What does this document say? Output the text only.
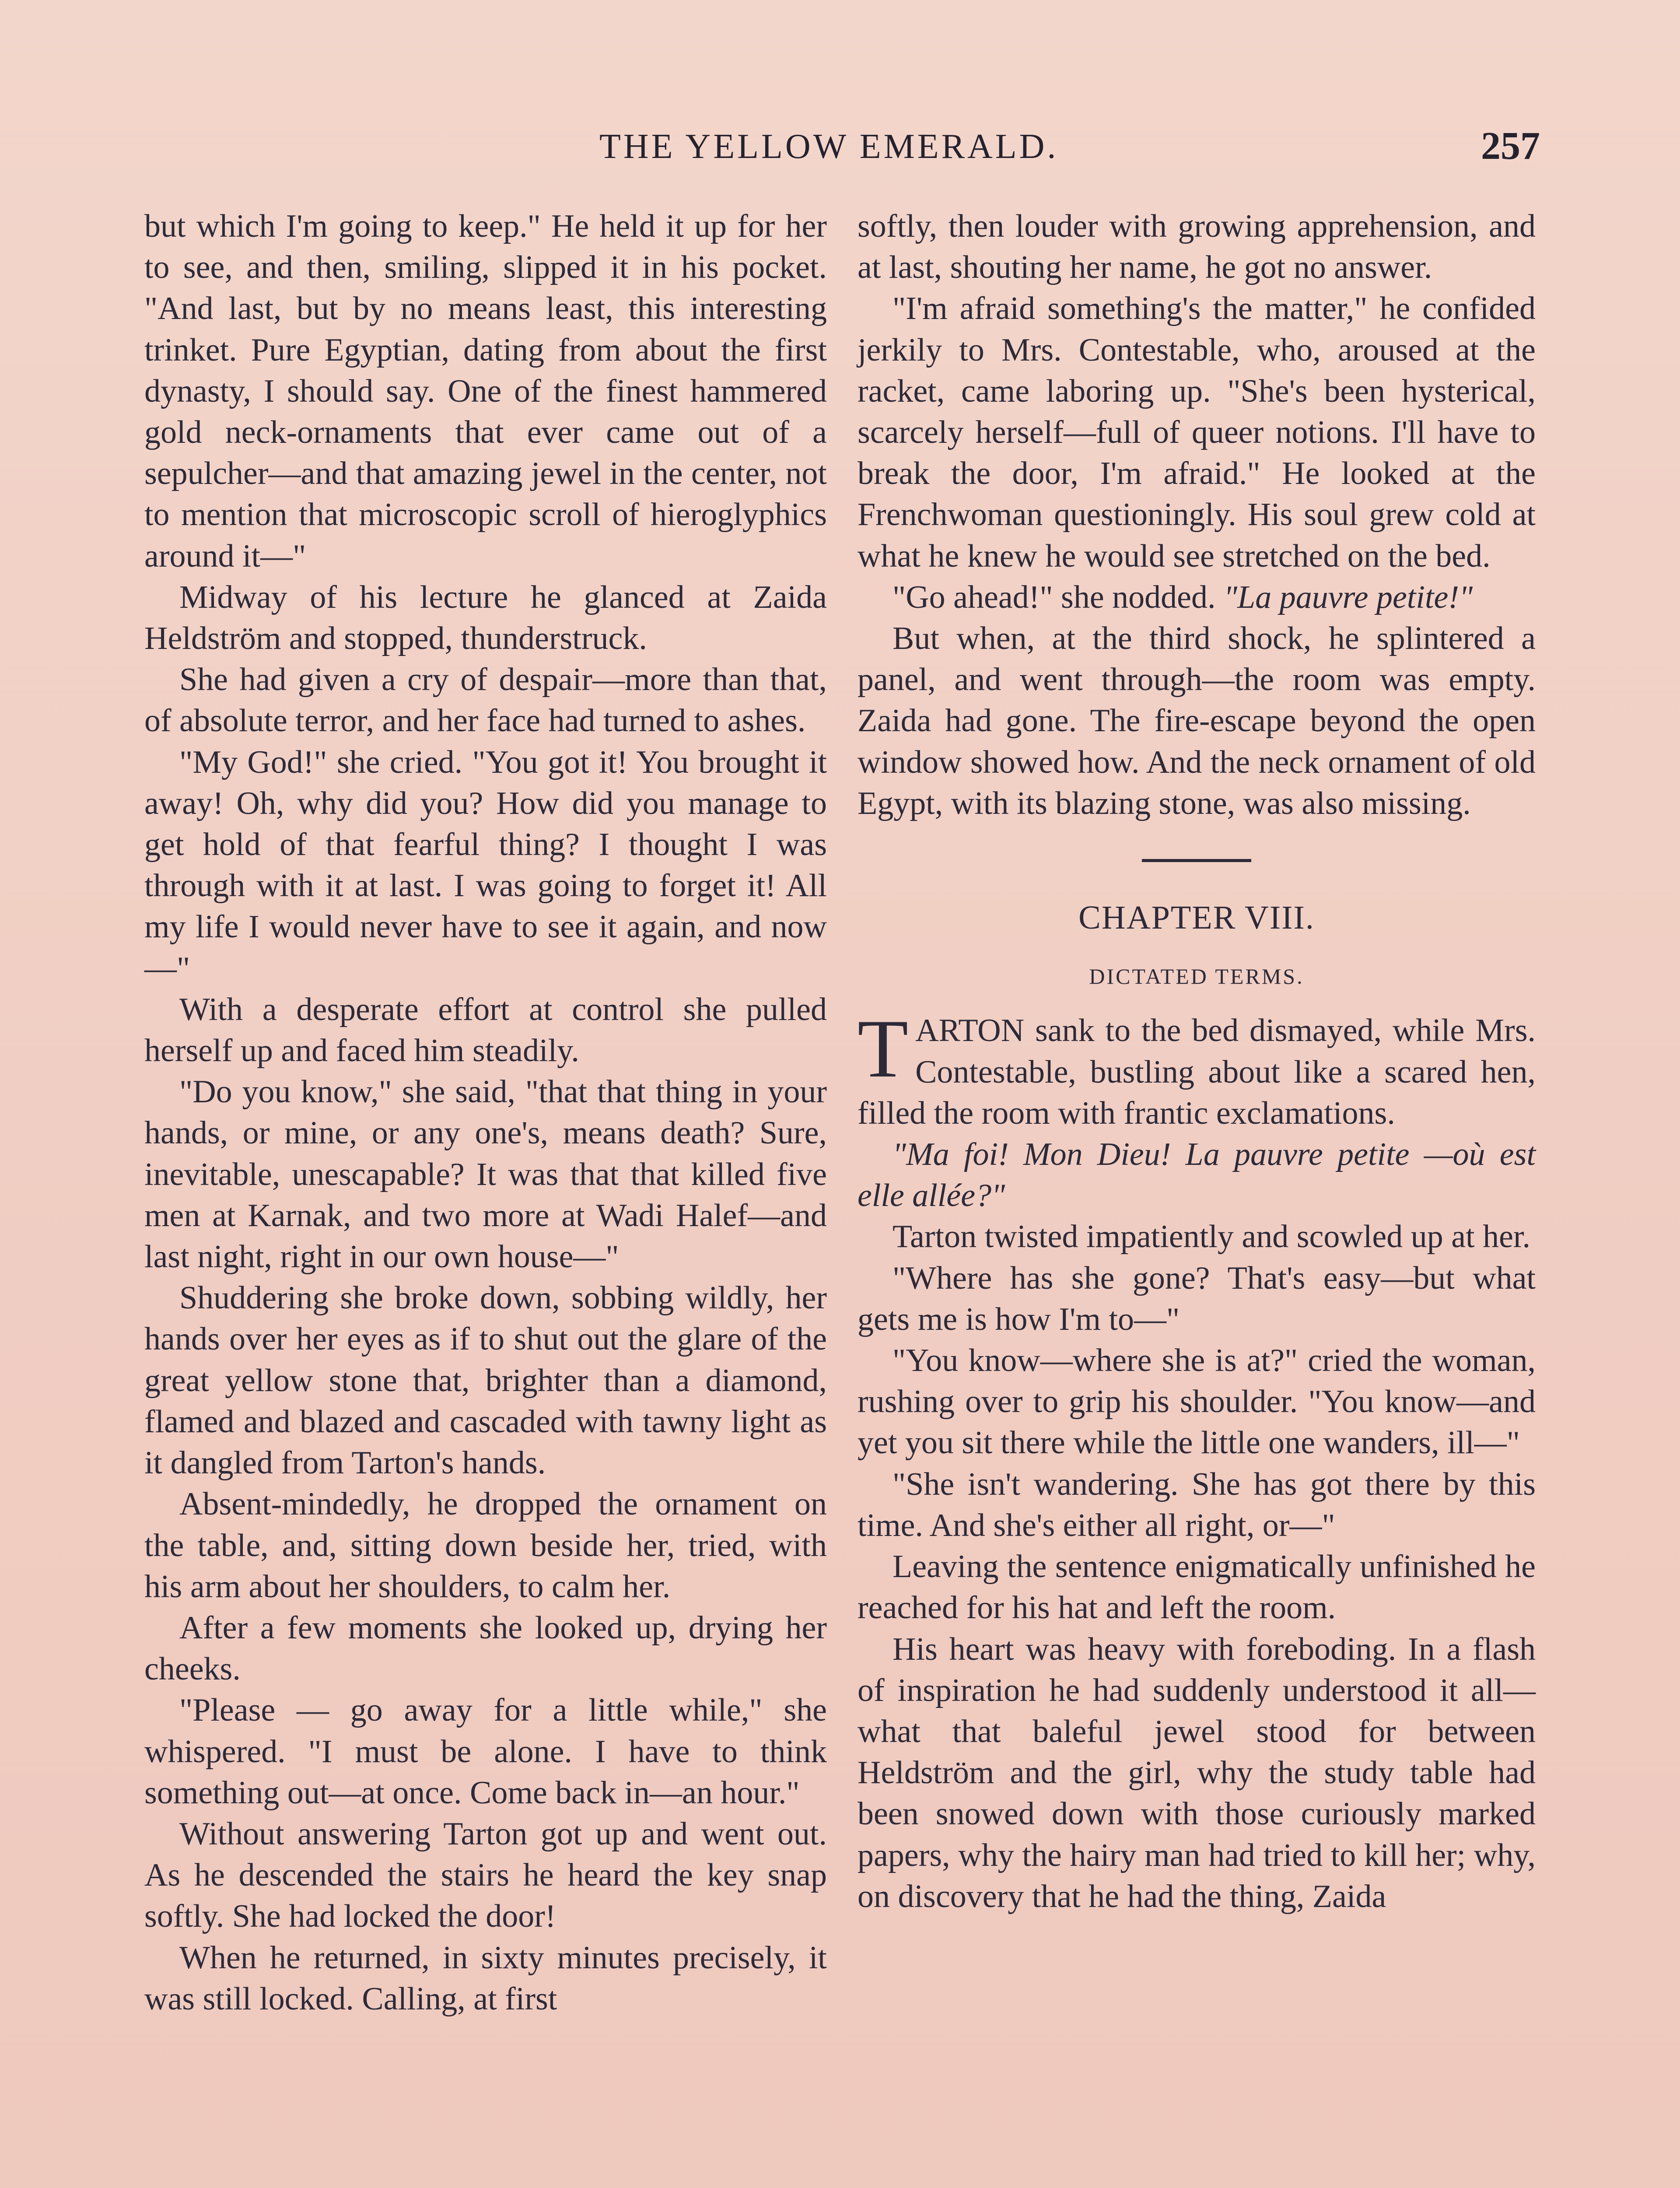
THE YELLOW EMERALD.	257

but which I'm going to keep." He held it up for her to see, and then, smiling, slipped it in his pocket. "And last, but by no means least, this interesting trinket. Pure Egyptian, dating from about the first dynasty, I should say. One of the finest hammered gold neck-ornaments that ever came out of a sepulcher—and that amazing jewel in the center, not to mention that microscopic scroll of hieroglyphics around it—"

Midway of his lecture he glanced at Zaida Heldström and stopped, thunderstruck.

She had given a cry of despair—more than that, of absolute terror, and her face had turned to ashes.

"My God!" she cried. "You got it! You brought it away! Oh, why did you? How did you manage to get hold of that fearful thing? I thought I was through with it at last. I was going to forget it! All my life I would never have to see it again, and now—"

With a desperate effort at control she pulled herself up and faced him steadily.

"Do you know," she said, "that that thing in your hands, or mine, or any one's, means death? Sure, inevitable, unescapable? It was that that killed five men at Karnak, and two more at Wadi Halef—and last night, right in our own house—"

Shuddering she broke down, sobbing wildly, her hands over her eyes as if to shut out the glare of the great yellow stone that, brighter than a diamond, flamed and blazed and cascaded with tawny light as it dangled from Tarton's hands.

Absent-mindedly, he dropped the ornament on the table, and, sitting down beside her, tried, with his arm about her shoulders, to calm her.

After a few moments she looked up, drying her cheeks.

"Please — go away for a little while," she whispered. "I must be alone. I have to think something out—at once. Come back in—an hour."

Without answering Tarton got up and went out. As he descended the stairs he heard the key snap softly. She had locked the door!

When he returned, in sixty minutes precisely, it was still locked. Calling, at first

softly, then louder with growing apprehension, and at last, shouting her name, he got no answer.

"I'm afraid something's the matter," he confided jerkily to Mrs. Contestable, who, aroused at the racket, came laboring up. "She's been hysterical, scarcely herself—full of queer notions. I'll have to break the door, I'm afraid." He looked at the Frenchwoman questioningly. His soul grew cold at what he knew he would see stretched on the bed.

"Go ahead!" she nodded. "La pauvre petite!"

But when, at the third shock, he splintered a panel, and went through—the room was empty. Zaida had gone. The fire-escape beyond the open window showed how. And the neck ornament of old Egypt, with its blazing stone, was also missing.

CHAPTER VIII.
DICTATED TERMS.

TARTON sank to the bed dismayed, while Mrs. Contestable, bustling about like a scared hen, filled the room with frantic exclamations.

"Ma foi! Mon Dieu! La pauvre petite —où est elle allée?"

Tarton twisted impatiently and scowled up at her.

"Where has she gone? That's easy—but what gets me is how I'm to—"

"You know—where she is at?" cried the woman, rushing over to grip his shoulder. "You know—and yet you sit there while the little one wanders, ill—"

"She isn't wandering. She has got there by this time. And she's either all right, or—"

Leaving the sentence enigmatically unfinished he reached for his hat and left the room.

His heart was heavy with foreboding. In a flash of inspiration he had suddenly understood it all—what that baleful jewel stood for between Heldström and the girl, why the study table had been snowed down with those curiously marked papers, why the hairy man had tried to kill her; why, on discovery that he had the thing, Zaida
